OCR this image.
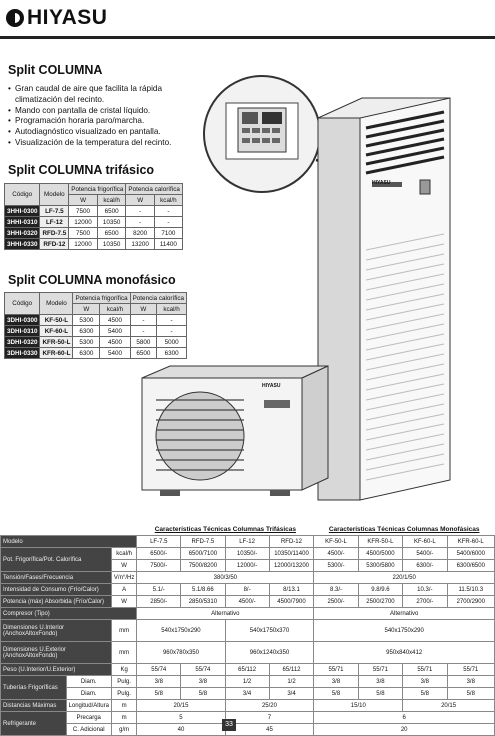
HIYASU
Split COLUMNA
• Gran caudal de aire que facilita la rápida climatización del recinto.
• Mando con pantalla de cristal líquido.
• Programación horaria paro/marcha.
• Autodiagnóstico visualizado en pantalla.
• Visualización de la temperatura del recinto.
Split COLUMNA trifásico
Código	Modelo	Potencia frigorífica		Potencia calorífica	
		W	kcal/h	W	kcal/h
3HHI-0300	LF-7.5	7500	6500	-	-
3HHI-0310	LF-12	12000	10350	-	-
3HHI-0320	RFD-7.5	7500	6500	8200	7100
3HHI-0330	RFD-12	12000	10350	13200	11400
Split COLUMNA monofásico
Código	Modelo	Potencia frigorífica		Potencia calorífica	
		W	kcal/h	W	kcal/h
3DHI-0300	KF-50-L	5300	4500	-	-
3DHI-0310	KF-60-L	6300	5400	-	-
3DHI-0320	KFR-50-L	5300	4500	5800	5000
3DHI-0330	KFR-60-L	6300	5400	6500	6300
HIYASU
HIYASU
			Características Técnicas Columnas Trifásicas				Características Técnicas Columnas Monofásicas			
Modelo			LF-7.5	RFD-7.5	LF-12	RFD-12	KF-50-L	KFR-50-L	KF-60-L	KFR-60-L
Pot. Frigorífica/Pot. Calorífica		kcal/h	6500/-	6500/7100	10350/-	10350/11400	4500/-	4500/5000	5400/-	5400/6000
		W	7500/-	7500/8200	12000/-	12000/13200	5300/-	5300/5800	6300/-	6300/6500
Tensión/Fases/Frecuencia		V/n°/Hz	380/3/50				220/1/50			
Intensidad de Consumo (Frío/Calor)		A	5.1/-	5.1/8.66	8/-	8/13.1	8.3/-	9.8/9.6	10.3/-	11.5/10.3
Potencia (máx) Absorbida (Frío/Calor)		W	2850/-	2850/5310	4500/-	4500/7900	2500/-	2500/2700	2700/-	2700/2900
Compresor (Tipo)			Alternativo				Alternativo			
Dimensiones U.Interior (AnchoxAltoxFondo)		mm	540x1750x290		540x1750x370		540x1750x290			
Dimensiones U.Exterior (AnchoxAltoxFondo)		mm	960x780x350		960x1240x350		950x840x412			
Peso (U.Interior/U.Exterior)		Kg	55/74	55/74	65/112	65/112	55/71	55/71	55/71	55/71
Tuberías Frigoríficas	Diam.	Pulg.	3/8	3/8	1/2	1/2	3/8	3/8	3/8	3/8
	Diam.	Pulg.	5/8	5/8	3/4	3/4	5/8	5/8	5/8	5/8
Distancias Máximas	Longitud/Altura	m	20/15		25/20		15/10		20/15	
Refrigerante	Precarga	m	5		7		6			
	C. Adicional	g/m	40		45		20			
33
